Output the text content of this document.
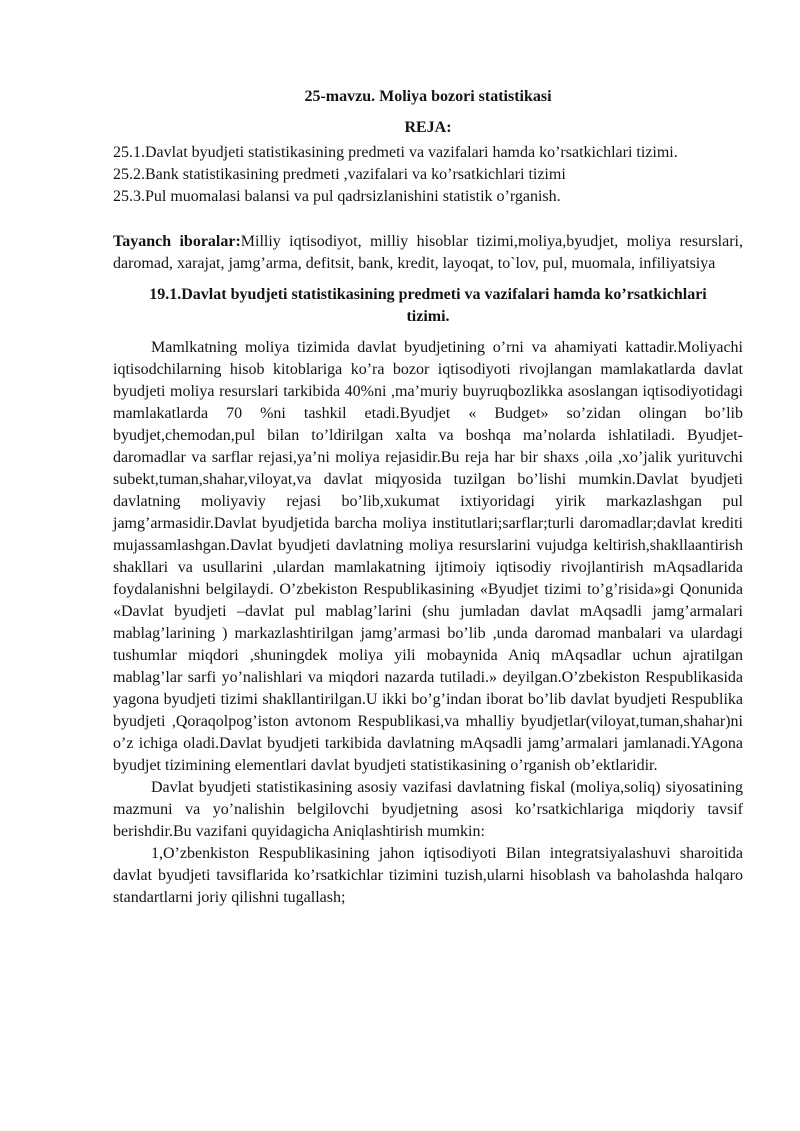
25-mavzu. Moliya bozori statistikasi

REJA:

25.1.Davlat byudjeti statistikasining predmeti va vazifalari hamda ko’rsatkichlari tizimi.

25.2.Bank statistikasining predmeti ,vazifalari va ko’rsatkichlari tizimi

25.3.Pul muomalasi balansi va pul qadrsizlanishini statistik o’rganish.

Tayanch iboralar:Milliy iqtisodiyot, milliy hisoblar tizimi,moliya,byudjet, moliya resurslari, daromad, xarajat, jamg’arma, defitsit, bank, kredit, layoqat, to`lov, pul, muomala, infiliyatsiya

19.1.Davlat byudjeti statistikasining predmeti va vazifalari hamda ko’rsatkichlari tizimi.

Mamlkatning moliya tizimida davlat byudjetining o’rni va ahamiyati kattadir.Moliyachi iqtisodchilarning hisob kitoblariga ko’ra bozor iqtisodiyoti rivojlangan mamlakatlarda davlat byudjeti moliya resurslari tarkibida 40%ni ,ma’muriy buyruqbozlikka asoslangan iqtisodiyotidagi mamlakatlarda 70 %ni tashkil etadi.Byudjet « Budget» so’zidan olingan bo’lib byudjet,chemodan,pul bilan to’ldirilgan xalta va boshqa ma’nolarda ishlatiladi. Byudjet-daromadlar va sarflar rejasi,ya’ni moliya rejasidir.Bu reja har bir shaxs ,oila ,xo’jalik yurituvchi subekt,tuman,shahar,viloyat,va davlat miqyosida tuzilgan bo’lishi mumkin.Davlat byudjeti davlatning moliyaviy rejasi bo’lib,xukumat ixtiyoridagi yirik markazlashgan pul jamg’armasidir.Davlat byudjetida barcha moliya institutlari;sarflar;turli daromadlar;davlat krediti mujassamlashgan.Davlat byudjeti davlatning moliya resurslarini vujudga keltirish,shakllaantirish shakllari va usullarini ,ulardan mamlakatning ijtimoiy iqtisodiy rivojlantirish mAqsadlarida foydalanishni belgilaydi. O’zbekiston Respublikasining «Byudjet tizimi to’g’risida»gi Qonunida «Davlat byudjeti –davlat pul mablag’larini (shu jumladan davlat mAqsadli jamg’armalari mablag’larining ) markazlashtirilgan jamg’armasi bo’lib ,unda daromad manbalari va ulardagi tushumlar miqdori ,shuningdek moliya yili mobaynida Aniq mAqsadlar uchun ajratilgan mablag’lar sarfi yo’nalishlari va miqdori nazarda tutiladi.» deyilgan.O’zbekiston Respublikasida yagona byudjeti tizimi shakllantirilgan.U ikki bo’g’indan iborat bo’lib davlat byudjeti Respublika byudjeti ,Qoraqolpog’iston avtonom Respublikasi,va mhalliy byudjetlar(viloyat,tuman,shahar)ni o’z ichiga oladi.Davlat byudjeti tarkibida davlatning mAqsadli jamg’armalari jamlanadi.YAgona byudjet tizimining elementlari davlat byudjeti statistikasining o’rganish ob’ektlaridir.

Davlat byudjeti statistikasining asosiy vazifasi davlatning fiskal (moliya,soliq) siyosatining mazmuni va yo’nalishin belgilovchi byudjetning asosi ko’rsatkichlariga miqdoriy tavsif berishdir.Bu vazifani quyidagicha Aniqlashtirish mumkin:

1,O’zbenkiston Respublikasining jahon iqtisodiyoti Bilan integratsiyalashuvi sharoitida davlat byudjeti tavsiflarida ko’rsatkichlar tizimini tuzish,ularni hisoblash va baholashda halqaro standartlarni joriy qilishni tugallash;
